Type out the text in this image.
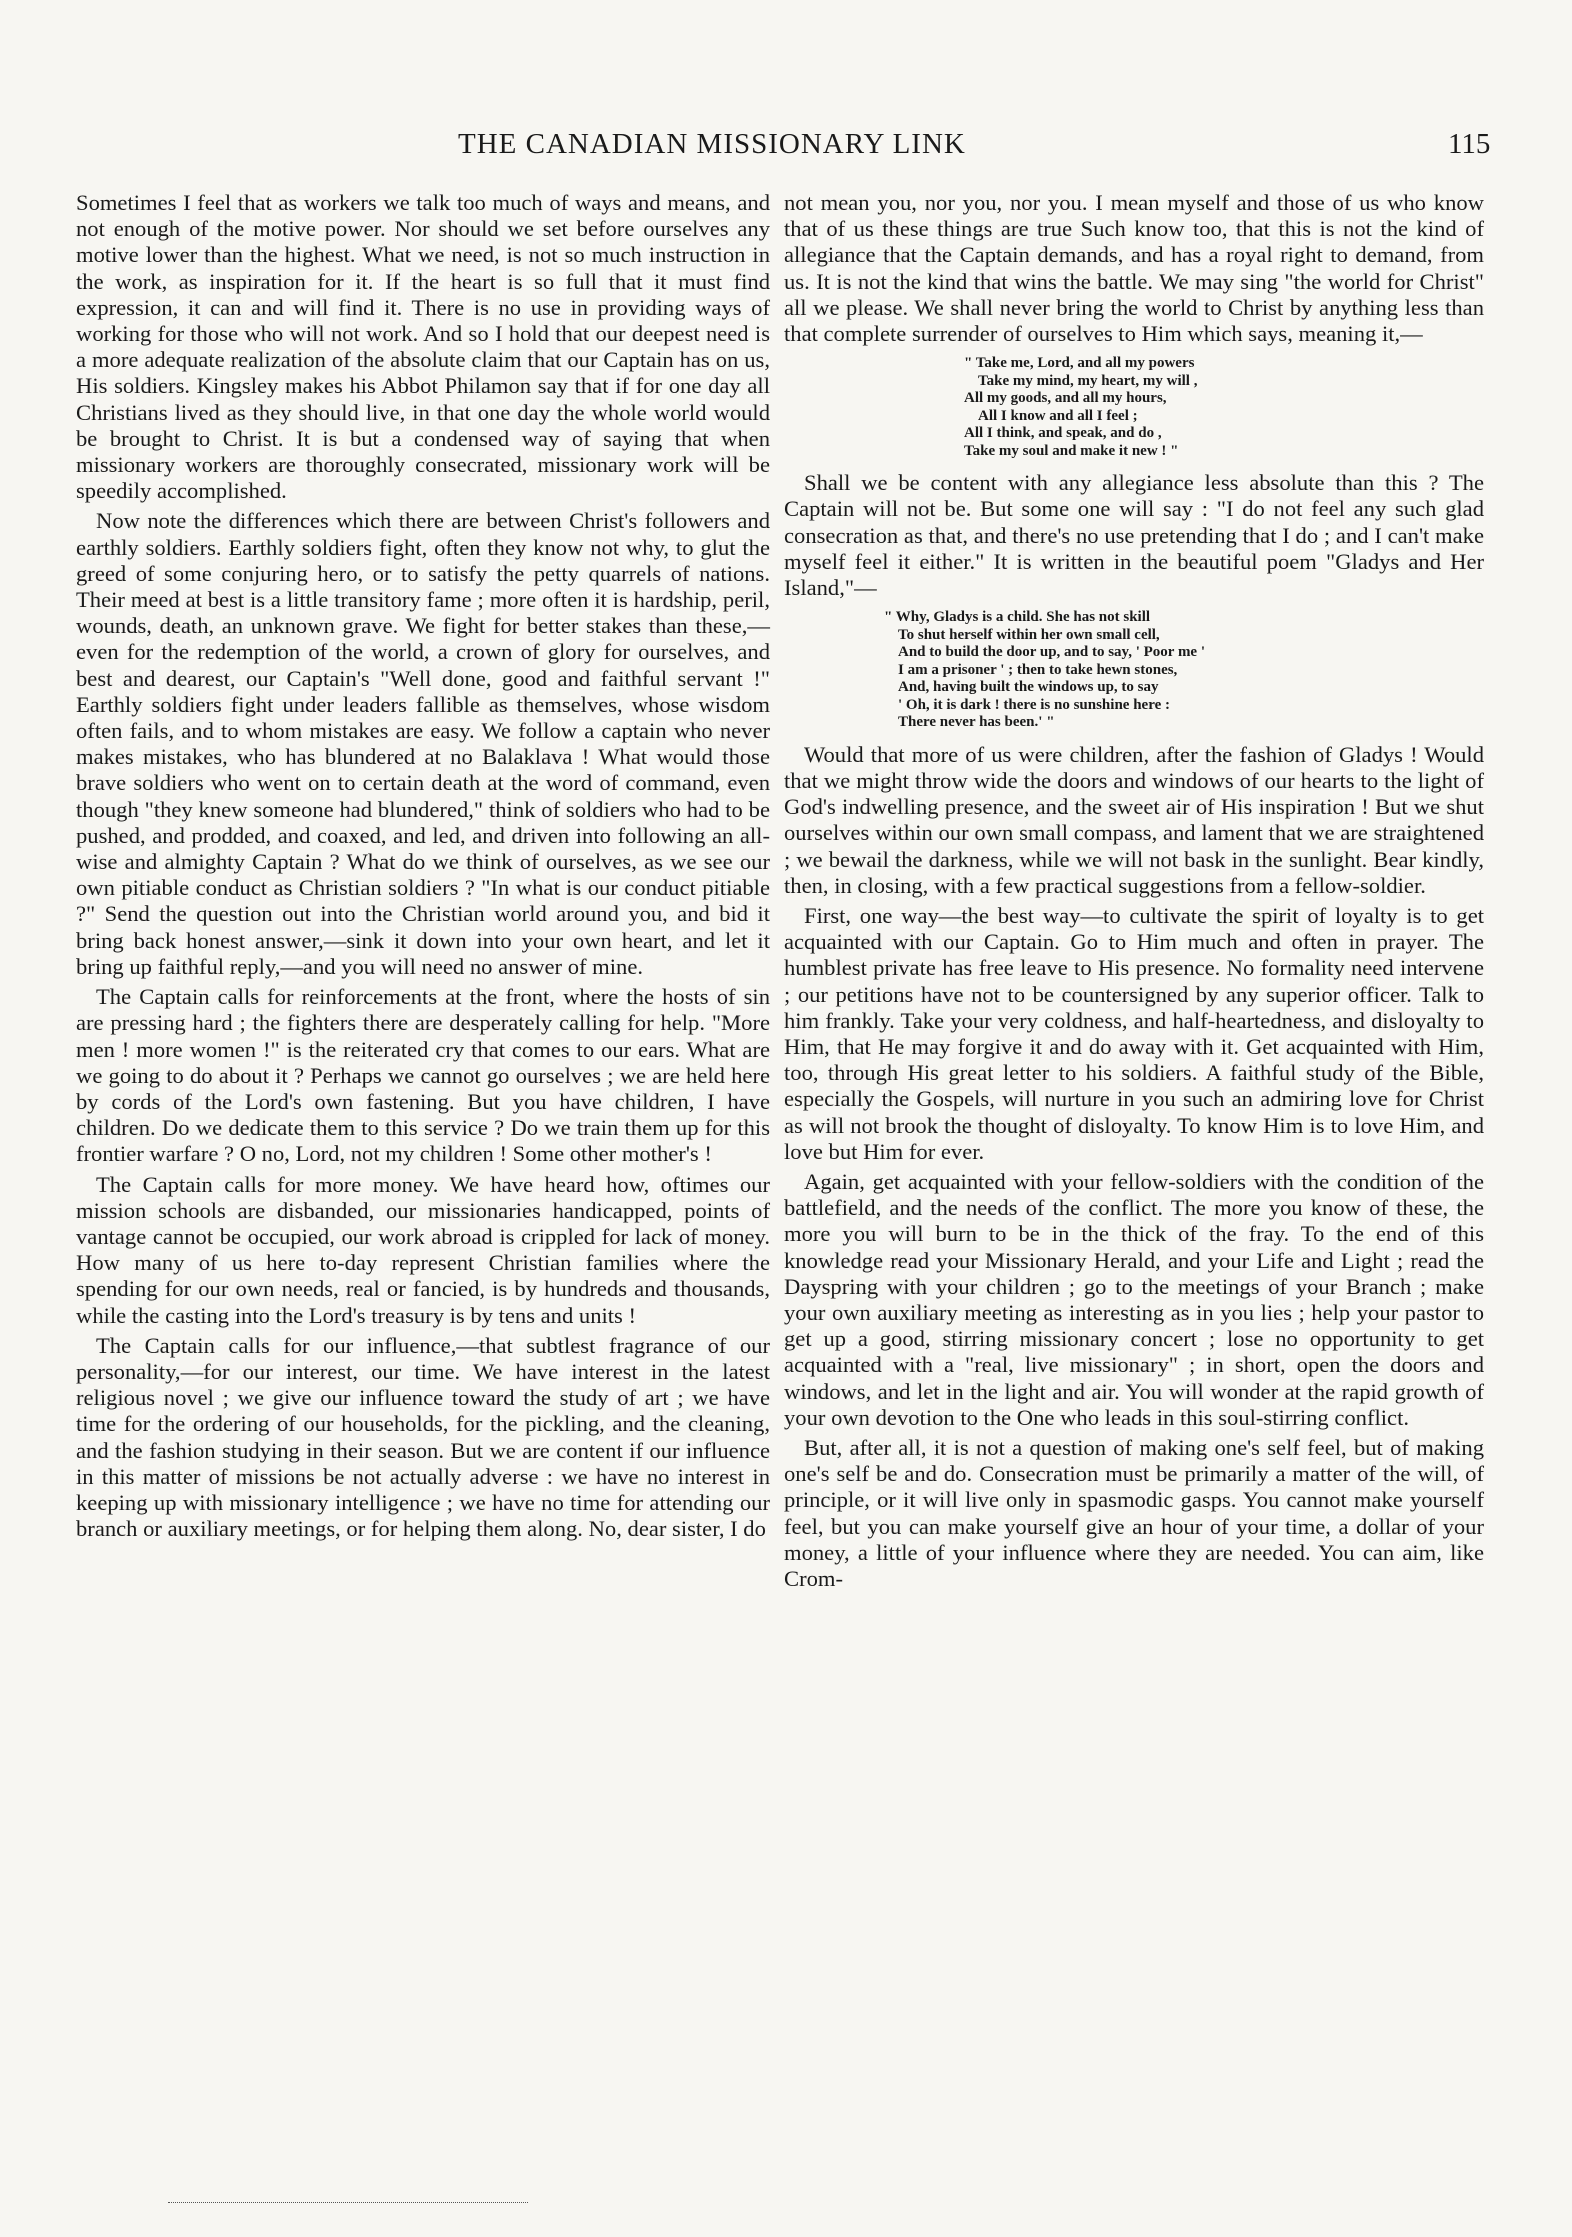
THE CANADIAN MISSIONARY LINK	115

Sometimes I feel that as workers we talk too much of ways and means, and not enough of the motive power. Nor should we set before ourselves any motive lower than the highest. What we need, is not so much instruction in the work, as inspiration for it. If the heart is so full that it must find expression, it can and will find it. There is no use in providing ways of working for those who will not work. And so I hold that our deepest need is a more adequate realization of the absolute claim that our Captain has on us, His soldiers. Kingsley makes his Abbot Philamon say that if for one day all Christians lived as they should live, in that one day the whole world would be brought to Christ. It is but a condensed way of saying that when missionary workers are thoroughly consecrated, missionary work will be speedily accomplished.

Now note the differences which there are between Christ's followers and earthly soldiers. Earthly soldiers fight, often they know not why, to glut the greed of some conjuring hero, or to satisfy the petty quarrels of nations. Their meed at best is a little transitory fame ; more often it is hardship, peril, wounds, death, an unknown grave. We fight for better stakes than these,—even for the redemption of the world, a crown of glory for ourselves, and best and dearest, our Captain's "Well done, good and faithful servant !" Earthly soldiers fight under leaders fallible as themselves, whose wisdom often fails, and to whom mistakes are easy. We follow a captain who never makes mistakes, who has blundered at no Balaklava ! What would those brave soldiers who went on to certain death at the word of command, even though "they knew someone had blundered," think of soldiers who had to be pushed, and prodded, and coaxed, and led, and driven into following an all-wise and almighty Captain ? What do we think of ourselves, as we see our own pitiable conduct as Christian soldiers ? "In what is our conduct pitiable ?" Send the question out into the Christian world around you, and bid it bring back honest answer,—sink it down into your own heart, and let it bring up faithful reply,—and you will need no answer of mine.

The Captain calls for reinforcements at the front, where the hosts of sin are pressing hard ; the fighters there are desperately calling for help. "More men ! more women !" is the reiterated cry that comes to our ears. What are we going to do about it ? Perhaps we cannot go ourselves ; we are held here by cords of the Lord's own fastening. But you have children, I have children. Do we dedicate them to this service ? Do we train them up for this frontier warfare ? O no, Lord, not my children ! Some other mother's !

The Captain calls for more money. We have heard how, oftimes our mission schools are disbanded, our missionaries handicapped, points of vantage cannot be occupied, our work abroad is crippled for lack of money. How many of us here to-day represent Christian families where the spending for our own needs, real or fancied, is by hundreds and thousands, while the casting into the Lord's treasury is by tens and units !

The Captain calls for our influence,—that subtlest fragrance of our personality,—for our interest, our time. We have interest in the latest religious novel ; we give our influence toward the study of art ; we have time for the ordering of our households, for the pickling, and the cleaning, and the fashion studying in their season. But we are content if our influence in this matter of missions be not actually adverse : we have no interest in keeping up with missionary intelligence ; we have no time for attending our branch or auxiliary meetings, or for helping them along. No, dear sister, I do

not mean you, nor you, nor you. I mean myself and those of us who know that of us these things are true Such know too, that this is not the kind of allegiance that the Captain demands, and has a royal right to demand, from us. It is not the kind that wins the battle. We may sing "the world for Christ" all we please. We shall never bring the world to Christ by anything less than that complete surrender of ourselves to Him which says, meaning it,—

" Take me, Lord, and all my powers
Take my mind, my heart, my will ,
All my goods, and all my hours,
All I know and all I feel ;
All I think, and speak, and do ,
Take my soul and make it new ! "

Shall we be content with any allegiance less absolute than this ? The Captain will not be. But some one will say : "I do not feel any such glad consecration as that, and there's no use pretending that I do ; and I can't make myself feel it either." It is written in the beautiful poem "Gladys and Her Island,"—

" Why, Gladys is a child. She has not skill
To shut herself within her own small cell,
And to build the door up, and to say, ' Poor me '
I am a prisoner ' ; then to take hewn stones,
And, having built the windows up, to say
' Oh, it is dark ! there is no sunshine here :
There never has been.' "

Would that more of us were children, after the fashion of Gladys ! Would that we might throw wide the doors and windows of our hearts to the light of God's indwelling presence, and the sweet air of His inspiration ! But we shut ourselves within our own small compass, and lament that we are straightened ; we bewail the darkness, while we will not bask in the sunlight. Bear kindly, then, in closing, with a few practical suggestions from a fellow-soldier.

First, one way—the best way—to cultivate the spirit of loyalty is to get acquainted with our Captain. Go to Him much and often in prayer. The humblest private has free leave to His presence. No formality need intervene ; our petitions have not to be countersigned by any superior officer. Talk to him frankly. Take your very coldness, and half-heartedness, and disloyalty to Him, that He may forgive it and do away with it. Get acquainted with Him, too, through His great letter to his soldiers. A faithful study of the Bible, especially the Gospels, will nurture in you such an admiring love for Christ as will not brook the thought of disloyalty. To know Him is to love Him, and love but Him for ever.

Again, get acquainted with your fellow-soldiers with the condition of the battlefield, and the needs of the conflict. The more you know of these, the more you will burn to be in the thick of the fray. To the end of this knowledge read your Missionary Herald, and your Life and Light ; read the Dayspring with your children ; go to the meetings of your Branch ; make your own auxiliary meeting as interesting as in you lies ; help your pastor to get up a good, stirring missionary concert ; lose no opportunity to get acquainted with a "real, live missionary" ; in short, open the doors and windows, and let in the light and air. You will wonder at the rapid growth of your own devotion to the One who leads in this soul-stirring conflict.

But, after all, it is not a question of making one's self feel, but of making one's self be and do. Consecration must be primarily a matter of the will, of principle, or it will live only in spasmodic gasps. You cannot make yourself feel, but you can make yourself give an hour of your time, a dollar of your money, a little of your influence where they are needed. You can aim, like Crom-
